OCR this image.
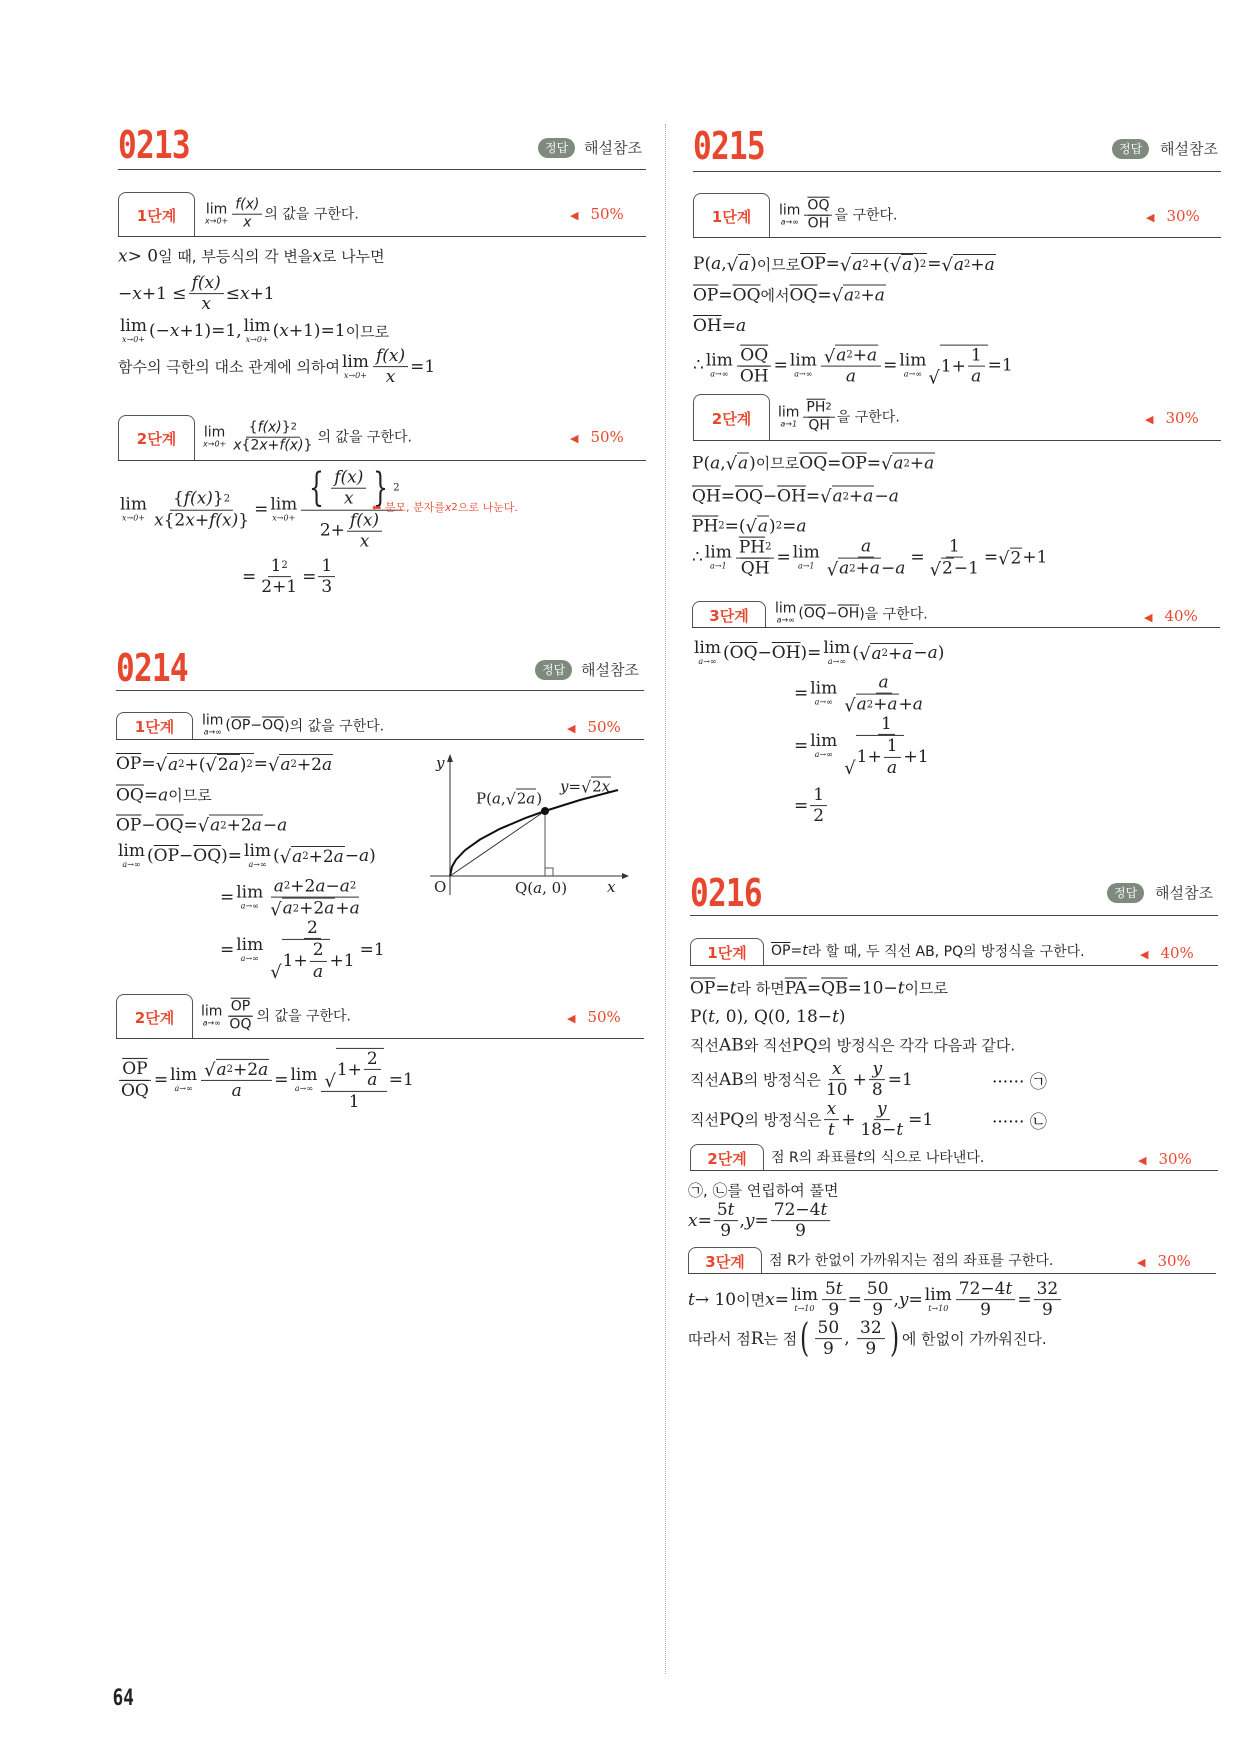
0213	정답	해설참조
1단계	lim
$x\to 0+ \frac{f(x)}{x}$ 의 값을 구한다.	◀ 50%
x > 0 일 때, 부등식의 각 변을 x 로 나누면
− $x +1 \le \frac{f(x)}{x} \le x +1$
lim
x→0+ (− x +1)=1, lim
x→0+ ( x +1)=1 이므로
함수의 극한의 대소 관계에 의하여 lim
$x\to 0+ \frac{f(x)}{x} =1$
2단계	lim
$x\to 0+ \frac{\{ f(x) \} 2}{x \{2 x + f(x) \}}$ 의 값을 구한다.	◀ 50%
lim
$x\to 0+ \frac{\{ f(x) \} 2}{x \{2 x + f(x) \}} = \lim$
$x\to 0+ \frac{\{ \frac{f(x)}{x} \} 2}{2+ \frac{f(x)}{x}}$
⬅ 분모, 분자를 x 2 으로 나눈다.
= $\frac{1 2}{2+1} = \frac{1}{3}$
0214	정답	해설참조
1단계	lim
a→∞ ( $\overline{OP} - \overline{OQ}$ )의 값을 구한다.	◀ 50%
$\overline{OP}$ = √ a 2 +( √ 2 a ) 2 = √ a 2 +2 a
$\overline{OQ} = a$ 이므로
$\overline{OP} - \overline{OQ}$ = √ a 2 +2 a − a
lim
a→∞ ( $\overline{OP} - \overline{OQ}$ )= lim
a→∞ ( √ a 2 +2 a − a )
= lim
$a\to\infty \frac{a 2 +2 a - a 2}{√ a 2 +2 a + a}$
= lim
a→∞ 2
√
$1+ \frac{2}{a} +1 =1$
y
P( a , √ 2 a )
y = √ 2 x
O	Q( a , 0)	x
2단계	lim
$a\to\infty \frac{\overline{OP}}{OQ}$ 의 값을 구한다.	◀ 50%
$\frac{\overline{OP}}{OQ} = \lim$
$a\to\infty \frac{√ a 2 +2 a}{a} = \lim$
a→∞ √
$1+ \frac{2}{a}$
1 =1
0215	정답	해설참조
1단계	lim
$a\to\infty \frac{\overline{OQ}}{OH}$ 을 구한다.	◀ 30%
P( a , √ a ) 이므로 $\overline{OP}$ = √ a 2 +( √ a ) 2 = √ a 2 + a
$\overline{OP} = \overline{OQ}$ 에서 $\overline{OQ}$ = √ a 2 + a
$\overline{OH} = a$
∴ lim
$a\to\infty \frac{\overline{OQ}}{OH} = \lim$
$a\to\infty \frac{√ a 2 + a}{a} = \lim$
a→∞ √
$1+ \frac{1}{a} =1$
2단계	lim
$a\to 1 \frac{\overline{PH} 2}{QH}$ 을 구한다.	◀ 30%
P( a , √ a ) 이므로 $\overline{OQ} = \overline{OP}$ = √ a 2 + a
$\overline{QH} = \overline{OQ} - \overline{OH}$ = √ a 2 + a − a
$\overline{PH}$ 2 =( √ a ) 2 = a
∴ lim
$a\to 1 \frac{\overline{PH} 2}{QH} = \lim$
$a\to 1 \frac{a}{√ a 2 + a - a} = \frac{1}{√ 2 -1}$ = √ 2 +1
3단계	lim
a→∞ ( $\overline{OQ} - \overline{OH}$ )을 구한다.	◀ 40%
lim
a→∞ ( $\overline{OQ} - \overline{OH}$ )= lim
a→∞ ( √ a 2 + a − a )
= lim
$a\to\infty \frac{a}{√ a 2 + a + a}$
= lim
a→∞ 1
√
$1+ \frac{1}{a} +1$
= $\frac{1}{2}$
0216	정답	해설참조
1단계	$\overline{OP} = t$ 라 할 때, 두 직선 AB, PQ의 방정식을 구한다.	◀ 40%
$\overline{OP} = t$ 라 하면 $\overline{PA} = \overline{QB} =10- t$ 이므로
P( t , 0), Q(0, 18− t )
직선 AB 와 직선 PQ 의 방정식은 각각 다음과 같다.
직선 AB 의 방정식은 $\frac{x}{10} + \frac{y}{8} =1$	······ ㉠
직선 PQ 의 방정식은 $\frac{x}{t} + \frac{y}{18- t} =1$	······ ㉡
2단계	점 R의 좌표를 t 의 식으로 나타낸다.	◀ 30%
㉠, ㉡를 연립하여 풀면
$x = \frac{5 t}{9}$ , $y = \frac{72-4 t}{9}$
3단계	점 R가 한없이 가까워지는 점의 좌표를 구한다.	◀ 30%
t → 10 이면 x = lim
$t\to 10 \frac{5 t}{9} = \frac{50}{9}$ , y = lim
$t\to 10 \frac{72-4 t}{9} = \frac{32}{9}$
따라서 점 R 는 점 ( $\frac{50}{9}$ , $\frac{32}{9}$ ) 에 한없이 가까워진다.
64
